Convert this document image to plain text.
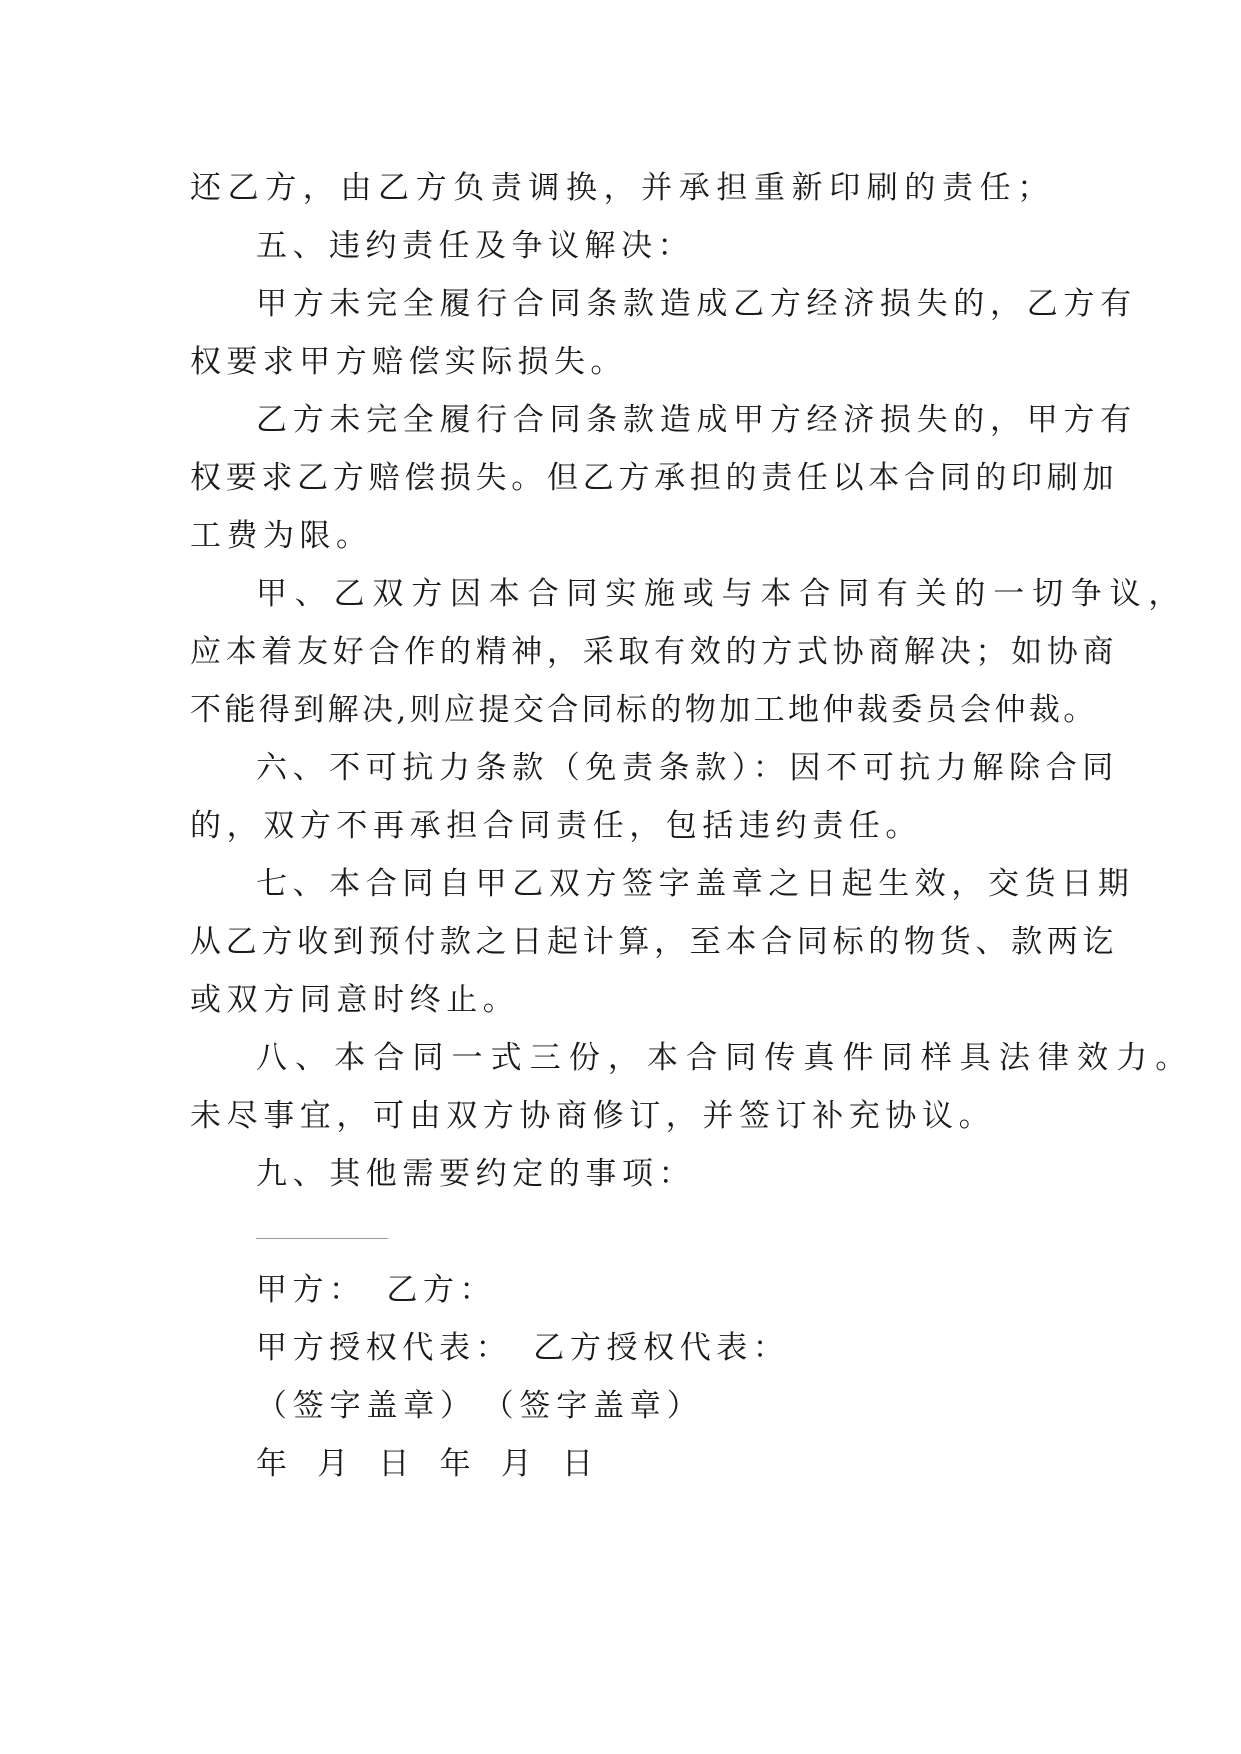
还乙方，由乙方负责调换，并承担重新印刷的责任；
五、违约责任及争议解决：
甲方未完全履行合同条款造成乙方经济损失的，乙方有
权要求甲方赔偿实际损失。
乙方未完全履行合同条款造成甲方经济损失的，甲方有
权要求乙方赔偿损失。但乙方承担的责任以本合同的印刷加
工费为限。
甲、乙双方因本合同实施或与本合同有关的一切争议，
应本着友好合作的精神，采取有效的方式协商解决；如协商
不能得到解决,则应提交合同标的物加工地仲裁委员会仲裁。
六、不可抗力条款（免责条款）：因不可抗力解除合同
的，双方不再承担合同责任，包括违约责任。
七、本合同自甲乙双方签字盖章之日起生效，交货日期
从乙方收到预付款之日起计算，至本合同标的物货、款两讫
或双方同意时终止。
八、本合同一式三份，本合同传真件同样具法律效力。
未尽事宜，可由双方协商修订，并签订补充协议。
九、其他需要约定的事项：
甲方：　乙方：
甲方授权代表：　乙方授权代表：
（签字盖章）　（签字盖章）
年　月　日　年　月　日
